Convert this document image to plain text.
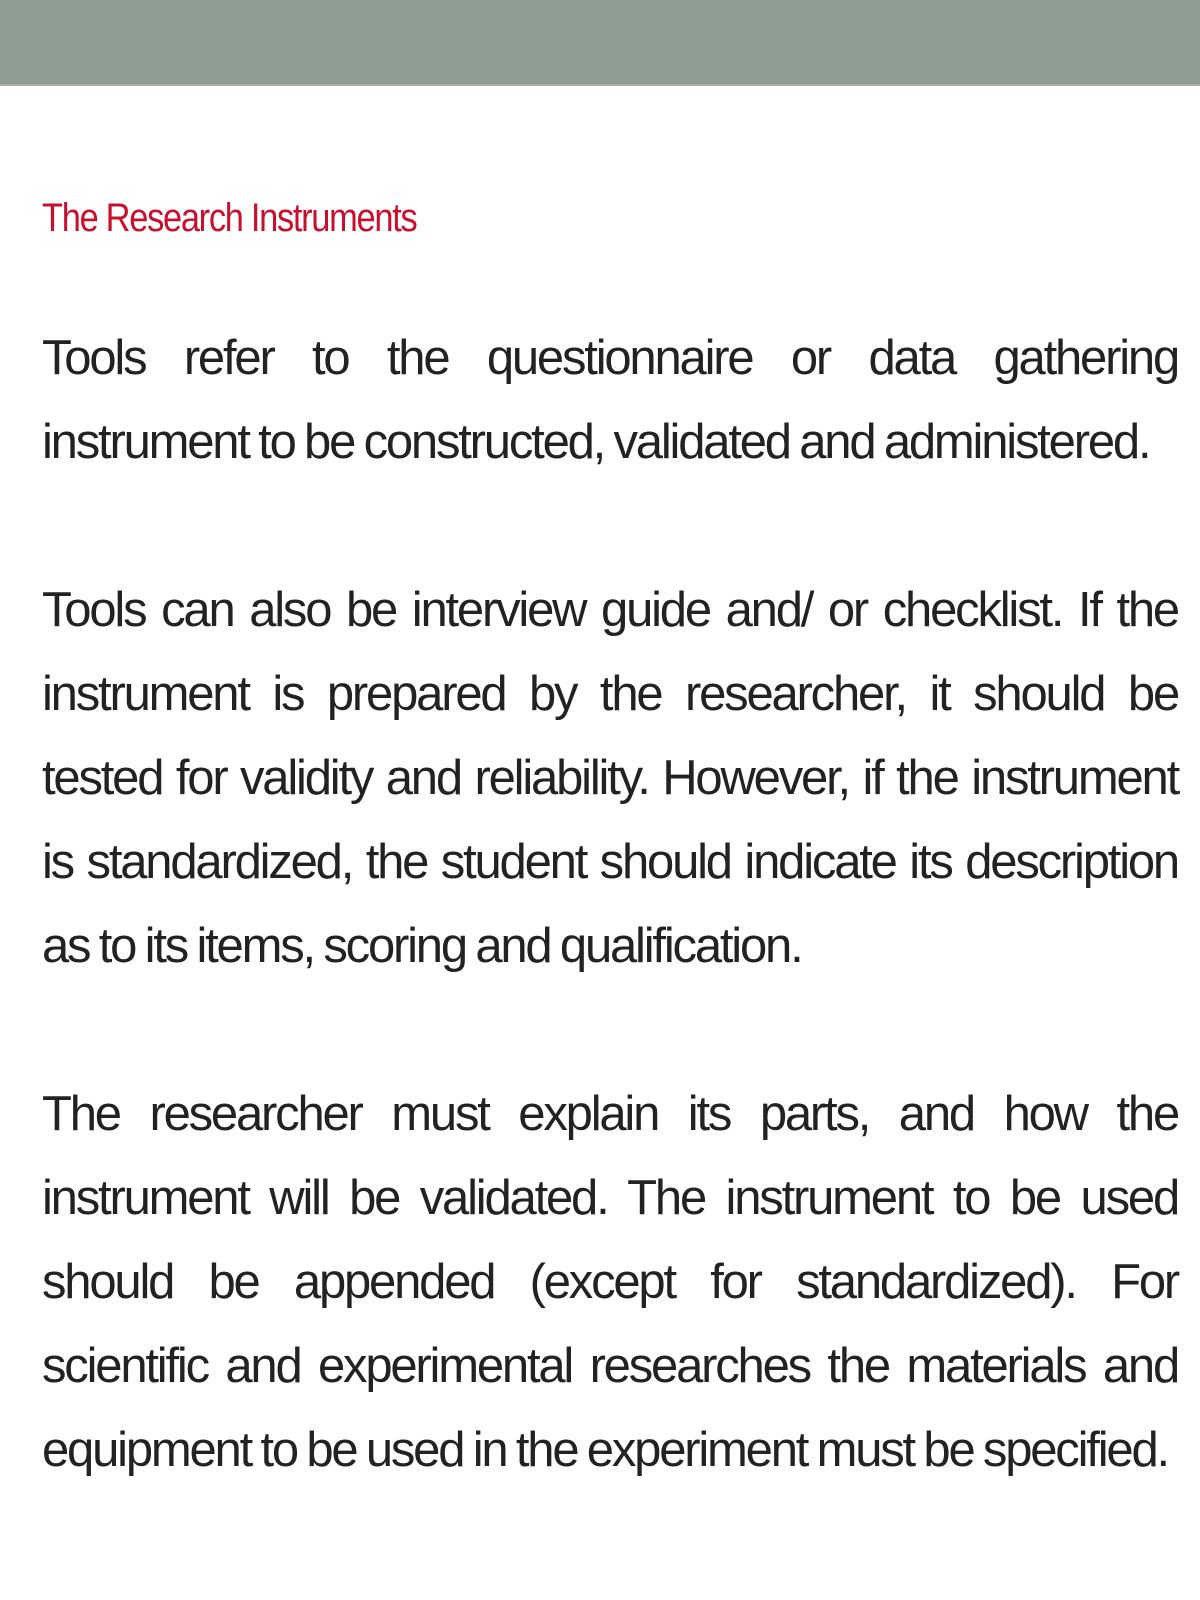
The Research Instruments

Tools refer to the questionnaire or data gathering instrument to be constructed, validated and administered.

Tools can also be interview guide and/ or checklist. If the instrument is prepared by the researcher, it should be tested for validity and reliability. However, if the instrument is standardized, the student should indicate its description as to its items, scoring and qualification.

The researcher must explain its parts, and how the instrument will be validated. The instrument to be used should be appended (except for standardized). For scientific and experimental researches the materials and equipment to be used in the experiment must be specified.
